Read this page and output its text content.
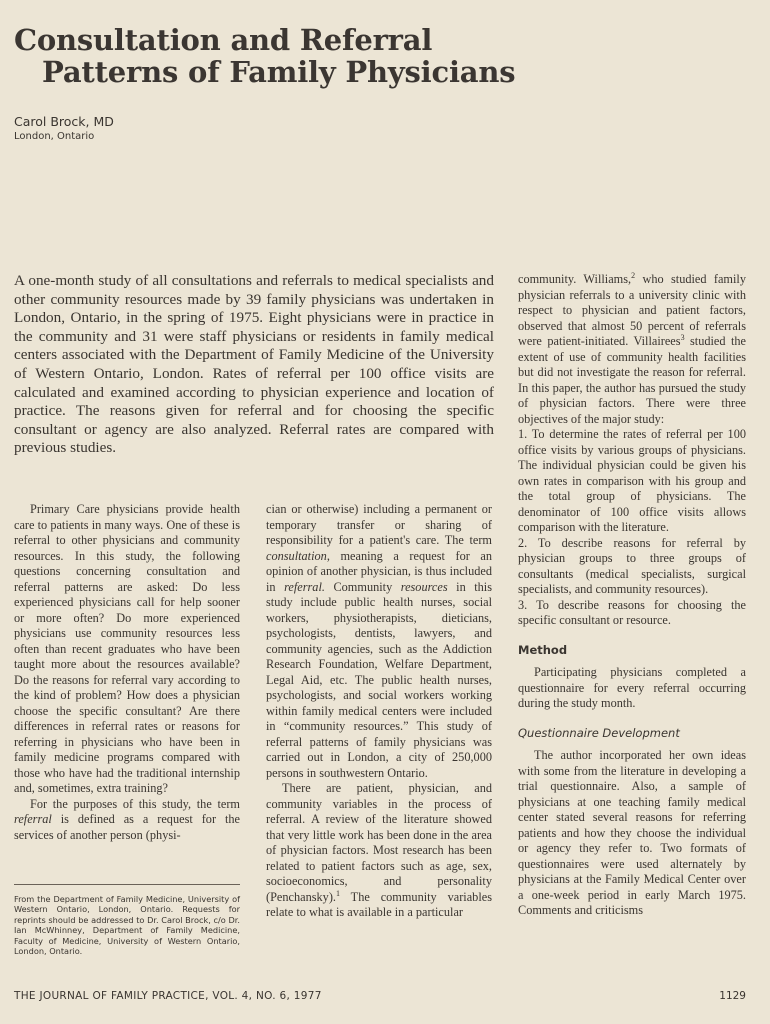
Consultation and Referral
Patterns of Family Physicians
Carol Brock, MD
London, Ontario

A one-month study of all consultations and referrals to medical specialists and other community resources made by 39 family physicians was undertaken in London, Ontario, in the spring of 1975. Eight physicians were in practice in the community and 31 were staff physicians or residents in family medical centers associated with the Department of Family Medicine of the University of Western Ontario, London. Rates of referral per 100 office visits are calculated and examined according to physician experience and location of practice. The reasons given for referral and for choosing the specific consultant or agency are also analyzed. Referral rates are compared with previous studies.

Primary Care physicians provide health care to patients in many ways. One of these is referral to other physicians and community resources. In this study, the following questions concerning consultation and referral patterns are asked: Do less experienced physicians call for help sooner or more often? Do more experienced physicians use community resources less often than recent graduates who have been taught more about the resources available? Do the reasons for referral vary according to the kind of problem? How does a physician choose the specific consultant? Are there differences in referral rates or reasons for referring in physicians who have been in family medicine programs compared with those who have had the traditional internship and, sometimes, extra training?

For the purposes of this study, the term referral is defined as a request for the services of another person (physi-

From the Department of Family Medicine, University of Western Ontario, London, Ontario. Requests for reprints should be addressed to Dr. Carol Brock, c/o Dr. Ian McWhinney, Department of Family Medicine, Faculty of Medicine, University of Western Ontario, London, Ontario.

cian or otherwise) including a permanent or temporary transfer or sharing of responsibility for a patient's care. The term consultation, meaning a request for an opinion of another physician, is thus included in referral. Community resources in this study include public health nurses, social workers, physiotherapists, dieticians, psychologists, dentists, lawyers, and community agencies, such as the Addiction Research Foundation, Welfare Department, Legal Aid, etc. The public health nurses, psychologists, and social workers working within family medical centers were included in “community resources.” This study of referral patterns of family physicians was carried out in London, a city of 250,000 persons in southwestern Ontario.

There are patient, physician, and community variables in the process of referral. A review of the literature showed that very little work has been done in the area of physician factors. Most research has been related to patient factors such as age, sex, socioeconomics, and personality (Penchansky).$^1$ The community variables relate to what is available in a particular

community. Williams,$^2$ who studied family physician referrals to a university clinic with respect to physician and patient factors, observed that almost 50 percent of referrals were patient-initiated. Villairees$^3$ studied the extent of use of community health facilities but did not investigate the reason for referral. In this paper, the author has pursued the study of physician factors. There were three objectives of the major study:

1. To determine the rates of referral per 100 office visits by various groups of physicians. The individual physician could be given his own rates in comparison with his group and the total group of physicians. The denominator of 100 office visits allows comparison with the literature.

2. To describe reasons for referral by physician groups to three groups of consultants (medical specialists, surgical specialists, and community resources).

3. To describe reasons for choosing the specific consultant or resource.

Method

Participating physicians completed a questionnaire for every referral occurring during the study month.

Questionnaire Development

The author incorporated her own ideas with some from the literature in developing a trial questionnaire. Also, a sample of physicians at one teaching family medical center stated several reasons for referring patients and how they choose the individual or agency they refer to. Two formats of questionnaires were used alternately by physicians at the Family Medical Center over a one-week period in early March 1975. Comments and criticisms

THE JOURNAL OF FAMILY PRACTICE, VOL. 4, NO. 6, 1977	1129
